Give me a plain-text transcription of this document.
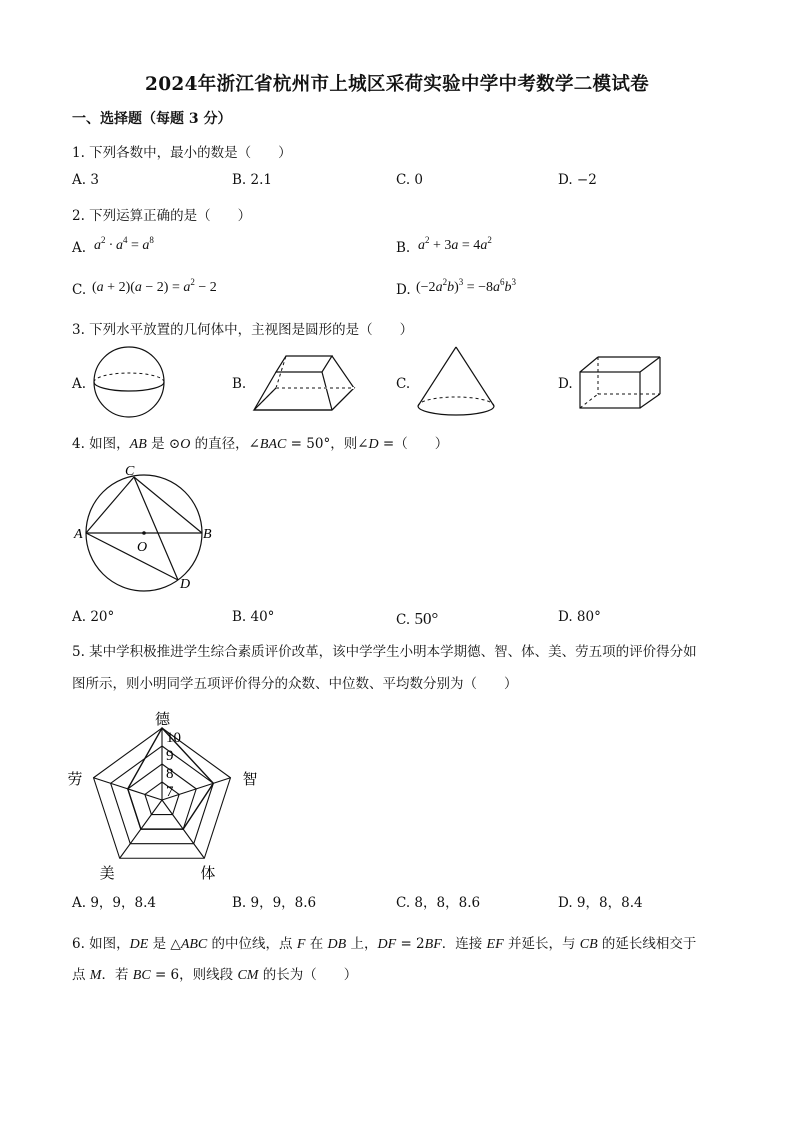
2024年浙江省杭州市上城区采荷实验中学中考数学二模试卷
一、选择题（每题 3 分）
1. 下列各数中，最小的数是（　　）
A. 3	B. 2.1	C. 0	D. −2
2. 下列运算正确的是（　　）
A. $a^2 \cdot a^4 = a^8$	B. $a^2 + 3a = 4a^2$
C. $(a + 2)(a - 2) = a^2 - 2$	D. $(-2a^2b)^3 = -8a^6b^3$
3. 下列水平放置的几何体中，主视图是圆形的是（　　）
A.	B.	C.	D.
4. 如图，AB 是 ⊙O 的直径，∠BAC = 50°，则∠D =（　　）
C
A	B
O
D
A. 20°	B. 40°	C. 50°	D. 80°
5. 某中学积极推进学生综合素质评价改革，该中学学生小明本学期德、智、体、美、劳五项的评价得分如
图所示，则小明同学五项评价得分的众数、中位数、平均数分别为（　　）
德
智
体
美
劳
10
9
8
7
A. 9，9，8.4	B. 9，9，8.6	C. 8，8，8.6	D. 9，8，8.4
6. 如图，DE 是 △ABC 的中位线，点 F 在 DB 上，DF = 2BF．连接 EF 并延长，与 CB 的延长线相交于
点 M．若 BC = 6，则线段 CM 的长为（　　）
